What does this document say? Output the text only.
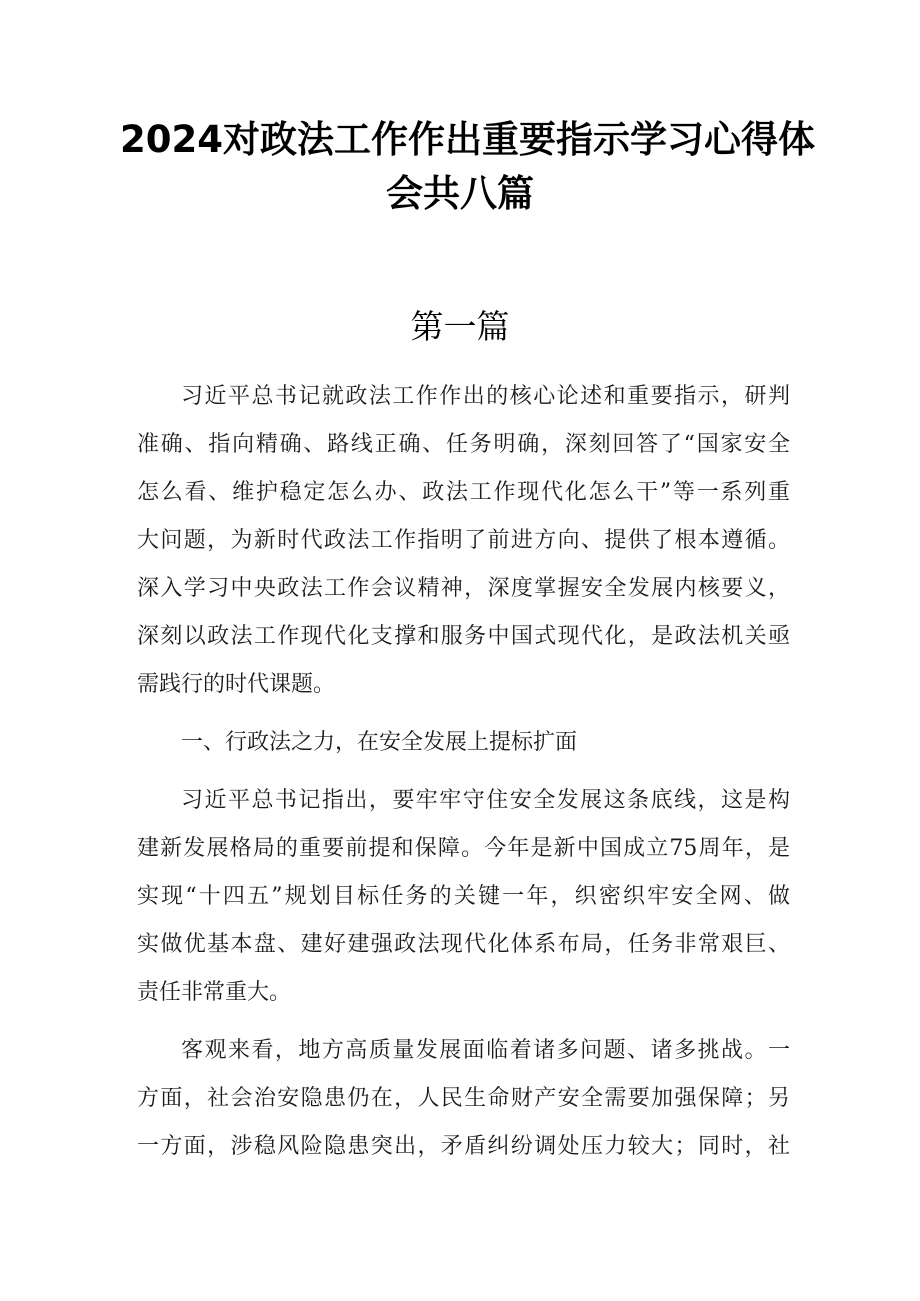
2024对政法工作作出重要指示学习心得体
会共八篇
第一篇
习近平总书记就政法工作作出的核心论述和重要指示，研判
准确、指向精确、路线正确、任务明确，深刻回答了“国家安全
怎么看、维护稳定怎么办、政法工作现代化怎么干”等一系列重
大问题，为新时代政法工作指明了前进方向、提供了根本遵循。
深入学习中央政法工作会议精神，深度掌握安全发展内核要义，
深刻以政法工作现代化支撑和服务中国式现代化，是政法机关亟
需践行的时代课题。
一、行政法之力，在安全发展上提标扩面
习近平总书记指出，要牢牢守住安全发展这条底线，这是构
建新发展格局的重要前提和保障。今年是新中国成立75周年，是
实现“十四五”规划目标任务的关键一年，织密织牢安全网、做
实做优基本盘、建好建强政法现代化体系布局，任务非常艰巨、
责任非常重大。
客观来看，地方高质量发展面临着诸多问题、诸多挑战。一
方面，社会治安隐患仍在，人民生命财产安全需要加强保障；另
一方面，涉稳风险隐患突出，矛盾纠纷调处压力较大；同时，社
